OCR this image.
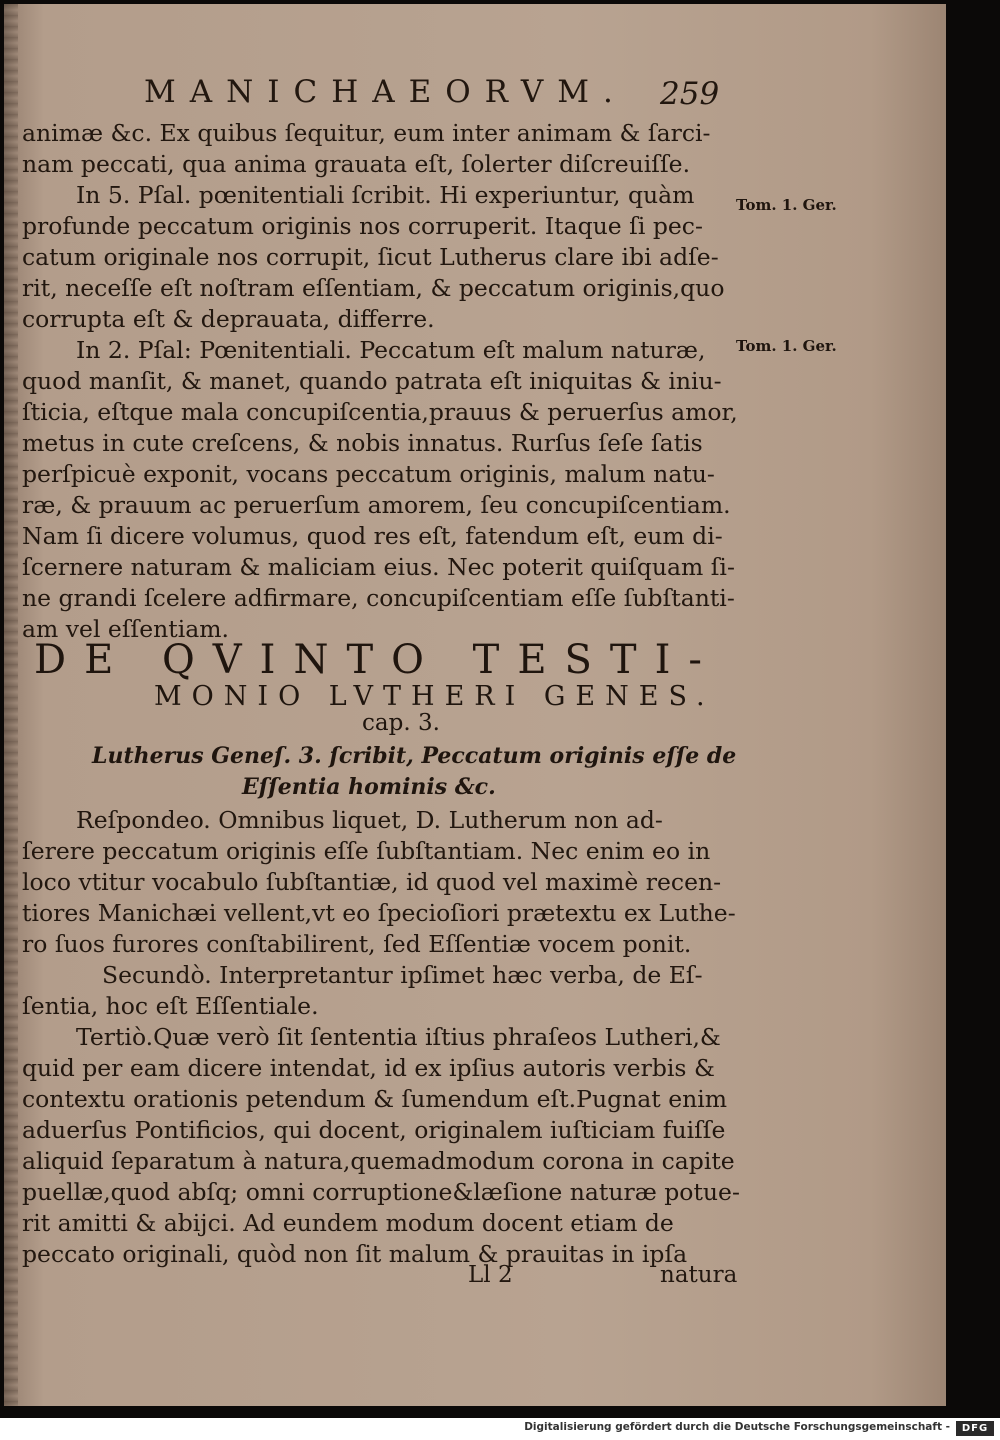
MANICHAEORVM. 259
Tom. 1. Ger.
Tom. 1. Ger.
animæ &c. Ex quibus ſequitur, eum inter animam & ſarci-
nam peccati, qua anima grauata eſt, ſolerter diſcreuiſſe.
In 5. Pſal. pœnitentiali ſcribit. Hi experiuntur, quàm
profunde peccatum originis nos corruperit. Itaque ſi pec-
catum originale nos corrupit, ſicut Lutherus clare ibi adſe-
rit, neceſſe eſt noſtram eſſentiam, & peccatum originis,quo
corrupta eſt & deprauata, differre.
In 2. Pſal: Pœnitentiali. Peccatum eſt malum naturæ,
quod manſit, & manet, quando patrata eſt iniquitas & iniu-
ſticia, eſtque mala concupiſcentia,prauus & peruerſus amor,
metus in cute creſcens, & nobis innatus. Rurſus ſeſe ſatis
perſpicuè exponit, vocans peccatum originis, malum natu-
ræ, & prauum ac peruerſum amorem, ſeu concupiſcentiam.
Nam ſi dicere volumus, quod res eſt, fatendum eſt, eum di-
ſcernere naturam & maliciam eius. Nec poterit quiſquam ſi-
ne grandi ſcelere adfirmare, concupiſcentiam eſſe ſubſtanti-
am vel eſſentiam.
DE QVINTO TESTI-
MONIO LVTHERI GENES.
cap. 3.
Lutherus Geneſ. 3. ſcribit, Peccatum originis eſſe de
Eſſentia hominis &c.
Reſpondeo. Omnibus liquet, D. Lutherum non ad-
ſerere peccatum originis eſſe ſubſtantiam. Nec enim eo in
loco vtitur vocabulo ſubſtantiæ, id quod vel maximè recen-
tiores Manichæi vellent,vt eo ſpecioſiori prætextu ex Luthe-
ro ſuos furores conſtabilirent, ſed Eſſentiæ vocem ponit.
Secundò. Interpretantur ipſimet hæc verba, de Eſ-
ſentia, hoc eſt Eſſentiale.
Tertiò.Quæ verò ſit ſententia iſtius phraſeos Lutheri,&
quid per eam dicere intendat, id ex ipſius autoris verbis &
contextu orationis petendum & ſumendum eſt.Pugnat enim
aduerſus Pontificios, qui docent, originalem iuſticiam fuiſſe
aliquid ſeparatum à natura,quemadmodum corona in capite
puellæ,quod abſq; omni corruptione&læſione naturæ potue-
rit amitti & abijci. Ad eundem modum docent etiam de
peccato originali, quòd non ſit malum & prauitas in ipſa
Ll 2	natura
Digitalisierung gefördert durch die Deutsche Forschungsgemeinschaft -	DFG
